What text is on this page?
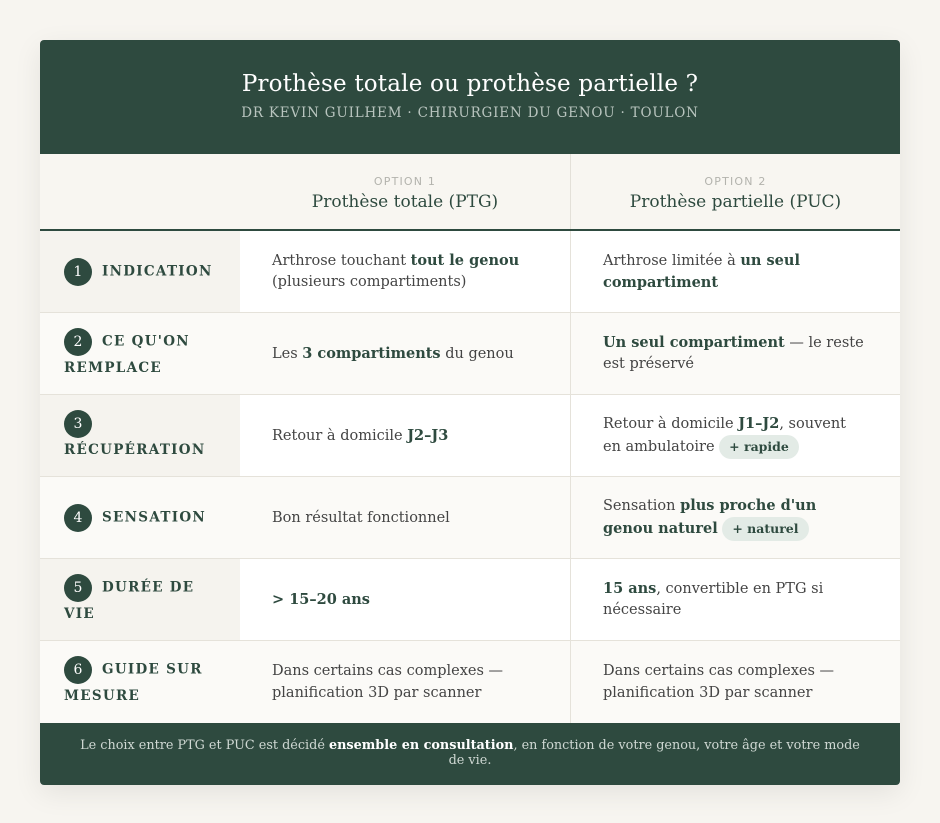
Prothèse totale ou prothèse partielle ?
DR KEVIN GUILHEM · CHIRURGIEN DU GENOU · TOULON
OPTION 1
Prothèse totale (PTG)
OPTION 2
Prothèse partielle (PUC)
1 INDICATION
Arthrose touchant tout le genou (plusieurs compartiments)
Arthrose limitée à un seul compartiment
2 CE QU'ON REMPLACE
Les 3 compartiments du genou
Un seul compartiment — le reste est préservé
3RÉCUPÉRATION
Retour à domicile J2–J3
Retour à domicile J1–J2, souvent en ambulatoire + rapide
4 SENSATION	Bon résultat fonctionnel
Sensation plus proche d'un genou naturel + naturel
5 DURÉE DE VIE
> 15–20 ans
15 ans, convertible en PTG si nécessaire
6 GUIDE SUR MESURE
Dans certains cas complexes — planification 3D par scanner
Dans certains cas complexes — planification 3D par scanner
Le choix entre PTG et PUC est décidé ensemble en consultation, en fonction de votre genou, votre âge et votre mode de vie.
